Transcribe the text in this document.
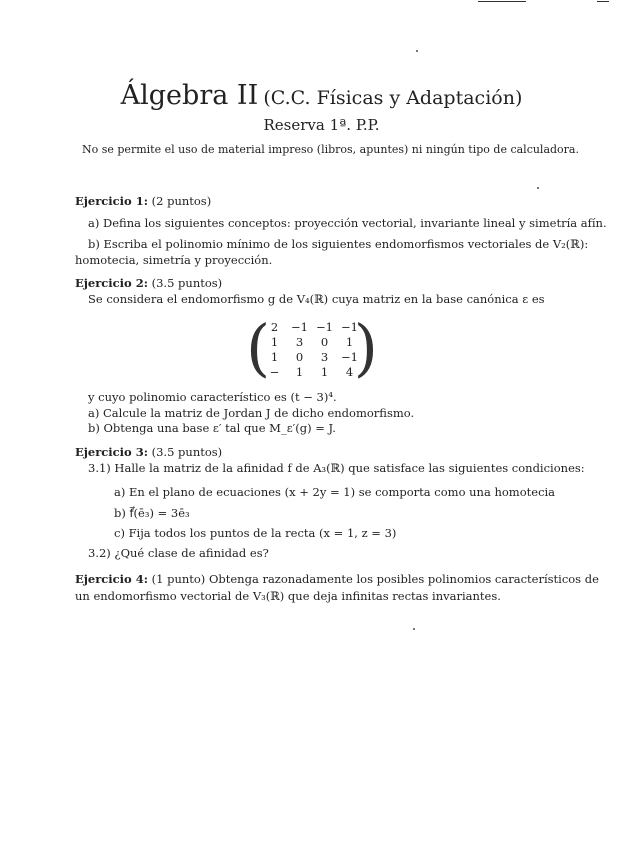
Álgebra II (C.C. Físicas y Adaptación)
Reserva 1ª. P.P.
No se permite el uso de material impreso (libros, apuntes) ni ningún tipo de calculadora.
Ejercicio 1: (2 puntos)
a) Defina los siguientes conceptos: proyección vectorial, invariante lineal y simetría afín.
b) Escriba el polinomio mínimo de los siguientes endomorfismos vectoriales de V₂(ℝ):
homotecia, simetría y proyección.
Ejercicio 2: (3.5 puntos)
Se considera el endomorfismo g de V₄(ℝ) cuya matriz en la base canónica ε es
( 2	−1 −1 −1
1	3	0	1
1	0	3	−1
−	1	1	4 )
y cuyo polinomio característico es (t − 3)⁴.
a) Calcule la matriz de Jordan J de dicho endomorfismo.
b) Obtenga una base ε′ tal que M_ε′(g) = J.
Ejercicio 3: (3.5 puntos)
3.1) Halle la matriz de la afinidad f de A₃(ℝ) que satisface las siguientes condiciones:
a) En el plano de ecuaciones (x + 2y = 1) se comporta como una homotecia
b) f⃗(ē₃) = 3ē₃
c) Fija todos los puntos de la recta (x = 1, z = 3)
3.2) ¿Qué clase de afinidad es?
Ejercicio 4: (1 punto) Obtenga razonadamente los posibles polinomios característicos de
un endomorfismo vectorial de V₃(ℝ) que deja infinitas rectas invariantes.
